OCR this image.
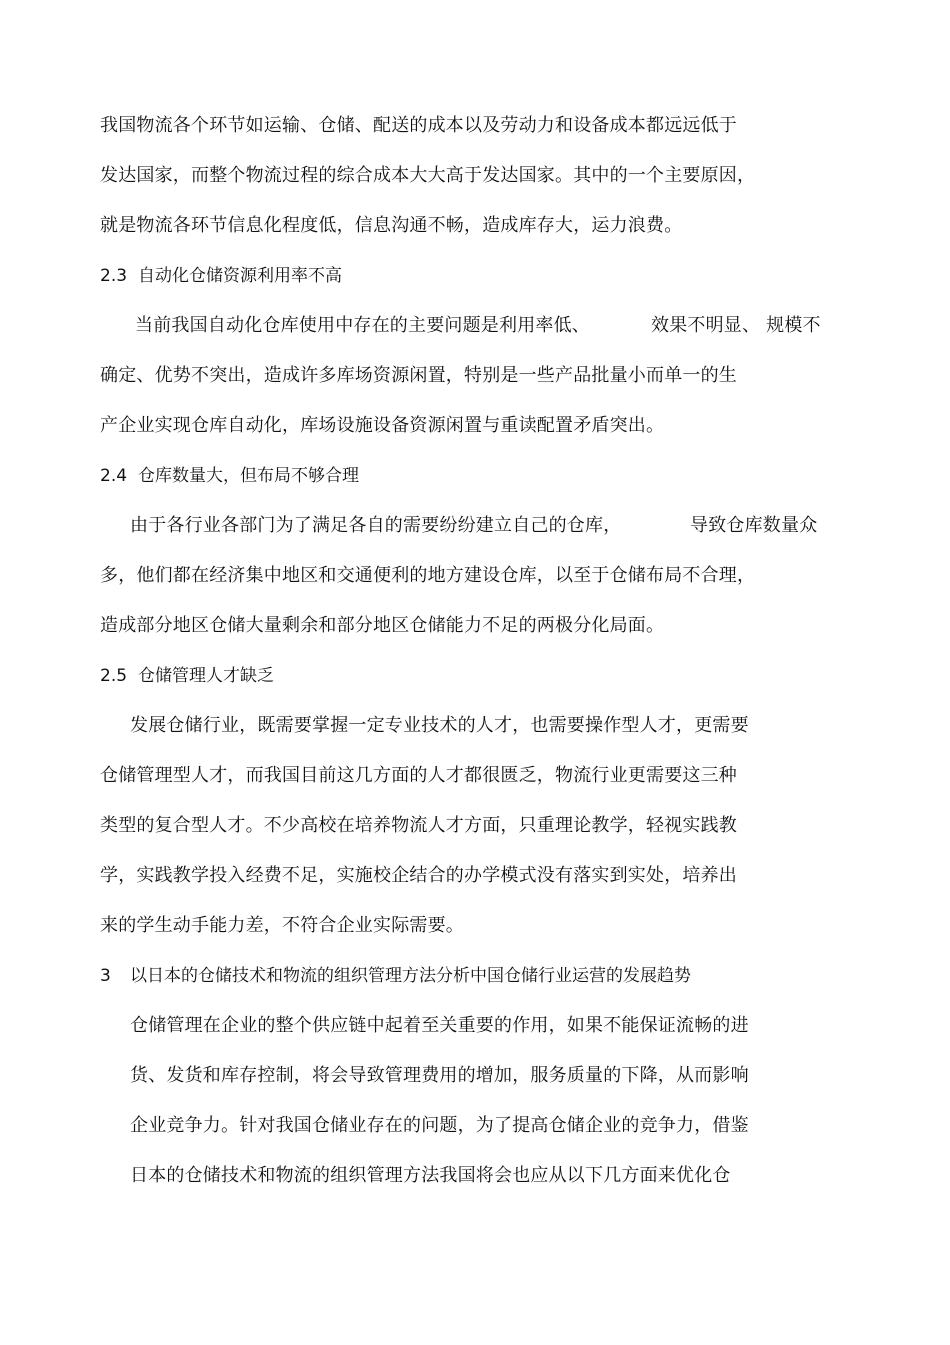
我国物流各个环节如运输、仓储、配送的成本以及劳动力和设备成本都远远低于
发达国家，而整个物流过程的综合成本大大高于发达国家。其中的一个主要原因，
就是物流各环节信息化程度低，信息沟通不畅，造成库存大，运力浪费。
2.3 自动化仓储资源利用率不高
当前我国自动化仓库使用中存在的主要问题是利用率低、	效果不明显、 规模不
确定、优势不突出，造成许多库场资源闲置，特别是一些产品批量小而单一的生
产企业实现仓库自动化，库场设施设备资源闲置与重读配置矛盾突出。
2.4 仓库数量大，但布局不够合理
由于各行业各部门为了满足各自的需要纷纷建立自己的仓库，	导致仓库数量众
多，他们都在经济集中地区和交通便利的地方建设仓库，以至于仓储布局不合理，
造成部分地区仓储大量剩余和部分地区仓储能力不足的两极分化局面。
2.5 仓储管理人才缺乏
发展仓储行业，既需要掌握一定专业技术的人才，也需要操作型人才，更需要
仓储管理型人才，而我国目前这几方面的人才都很匮乏，物流行业更需要这三种
类型的复合型人才。不少高校在培养物流人才方面，只重理论教学，轻视实践教
学，实践教学投入经费不足，实施校企结合的办学模式没有落实到实处，培养出
来的学生动手能力差，不符合企业实际需要。
3 以日本的仓储技术和物流的组织管理方法分析中国仓储行业运营的发展趋势
仓储管理在企业的整个供应链中起着至关重要的作用，如果不能保证流畅的进
货、发货和库存控制，将会导致管理费用的增加，服务质量的下降，从而影响
企业竞争力。针对我国仓储业存在的问题，为了提高仓储企业的竞争力，借鉴
日本的仓储技术和物流的组织管理方法我国将会也应从以下几方面来优化仓
